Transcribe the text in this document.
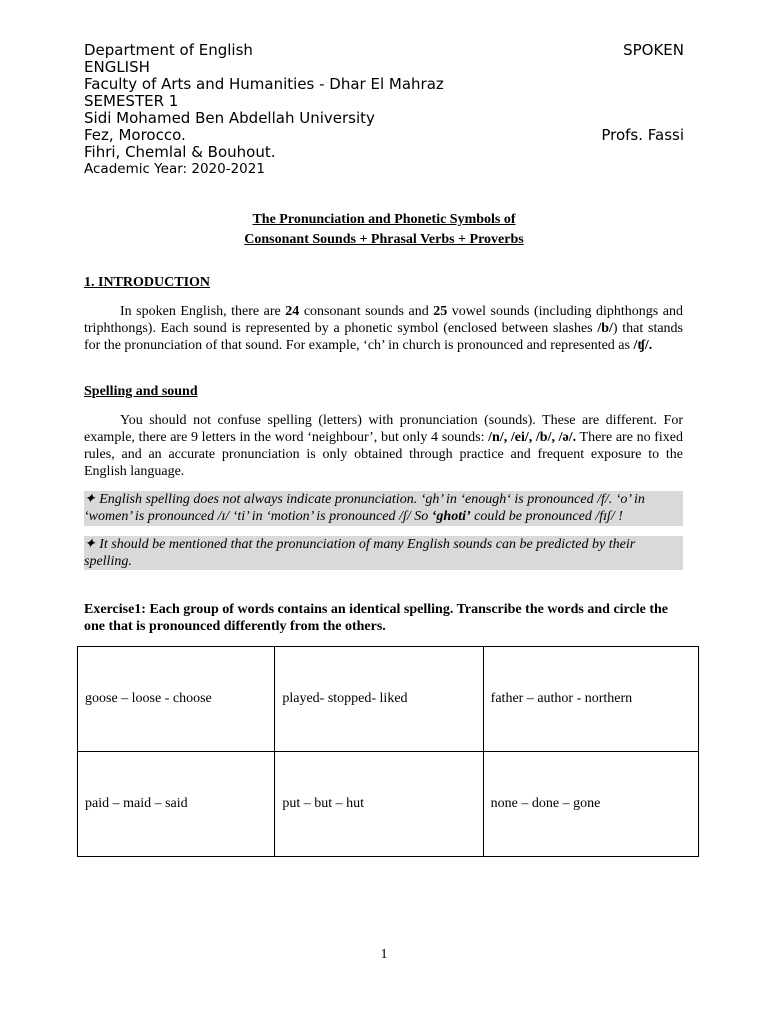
Department of English	SPOKEN
ENGLISH
Faculty of Arts and Humanities - Dhar El Mahraz
SEMESTER 1
Sidi Mohamed Ben Abdellah University
Fez, Morocco.	Profs. Fassi
Fihri, Chemlal & Bouhout.
Academic Year: 2020-2021
The Pronunciation and Phonetic Symbols of
Consonant Sounds + Phrasal Verbs + Proverbs
1. INTRODUCTION
In spoken English, there are 24 consonant sounds and 25 vowel sounds (including diphthongs and triphthongs). Each sound is represented by a phonetic symbol (enclosed between slashes /b/) that stands for the pronunciation of that sound. For example, ‘ch’ in church is pronounced and represented as /ʧ/.
Spelling and sound
You should not confuse spelling (letters) with pronunciation (sounds). These are different. For example, there are 9 letters in the word ‘neighbour’, but only 4 sounds: /n/, /ei/, /b/, /ə/. There are no fixed rules, and an accurate pronunciation is only obtained through practice and frequent exposure to the English language.

✦ English spelling does not always indicate pronunciation. ‘gh’ in ‘enough‘ is pronounced /f/. ‘o’ in ‘women’ is pronounced /ɪ/ ‘ti’ in ‘motion’ is pronounced /ʃ/ So ‘ghoti’ could be pronounced /fɪʃ/ !

✦ It should be mentioned that the pronunciation of many English sounds can be predicted by their spelling.

Exercise1: Each group of words contains an identical spelling. Transcribe the words and circle the one that is pronounced differently from the others.
goose – loose - choose	played- stopped- liked	father – author - northern
paid – maid – said	put – but – hut	none – done – gone
1
